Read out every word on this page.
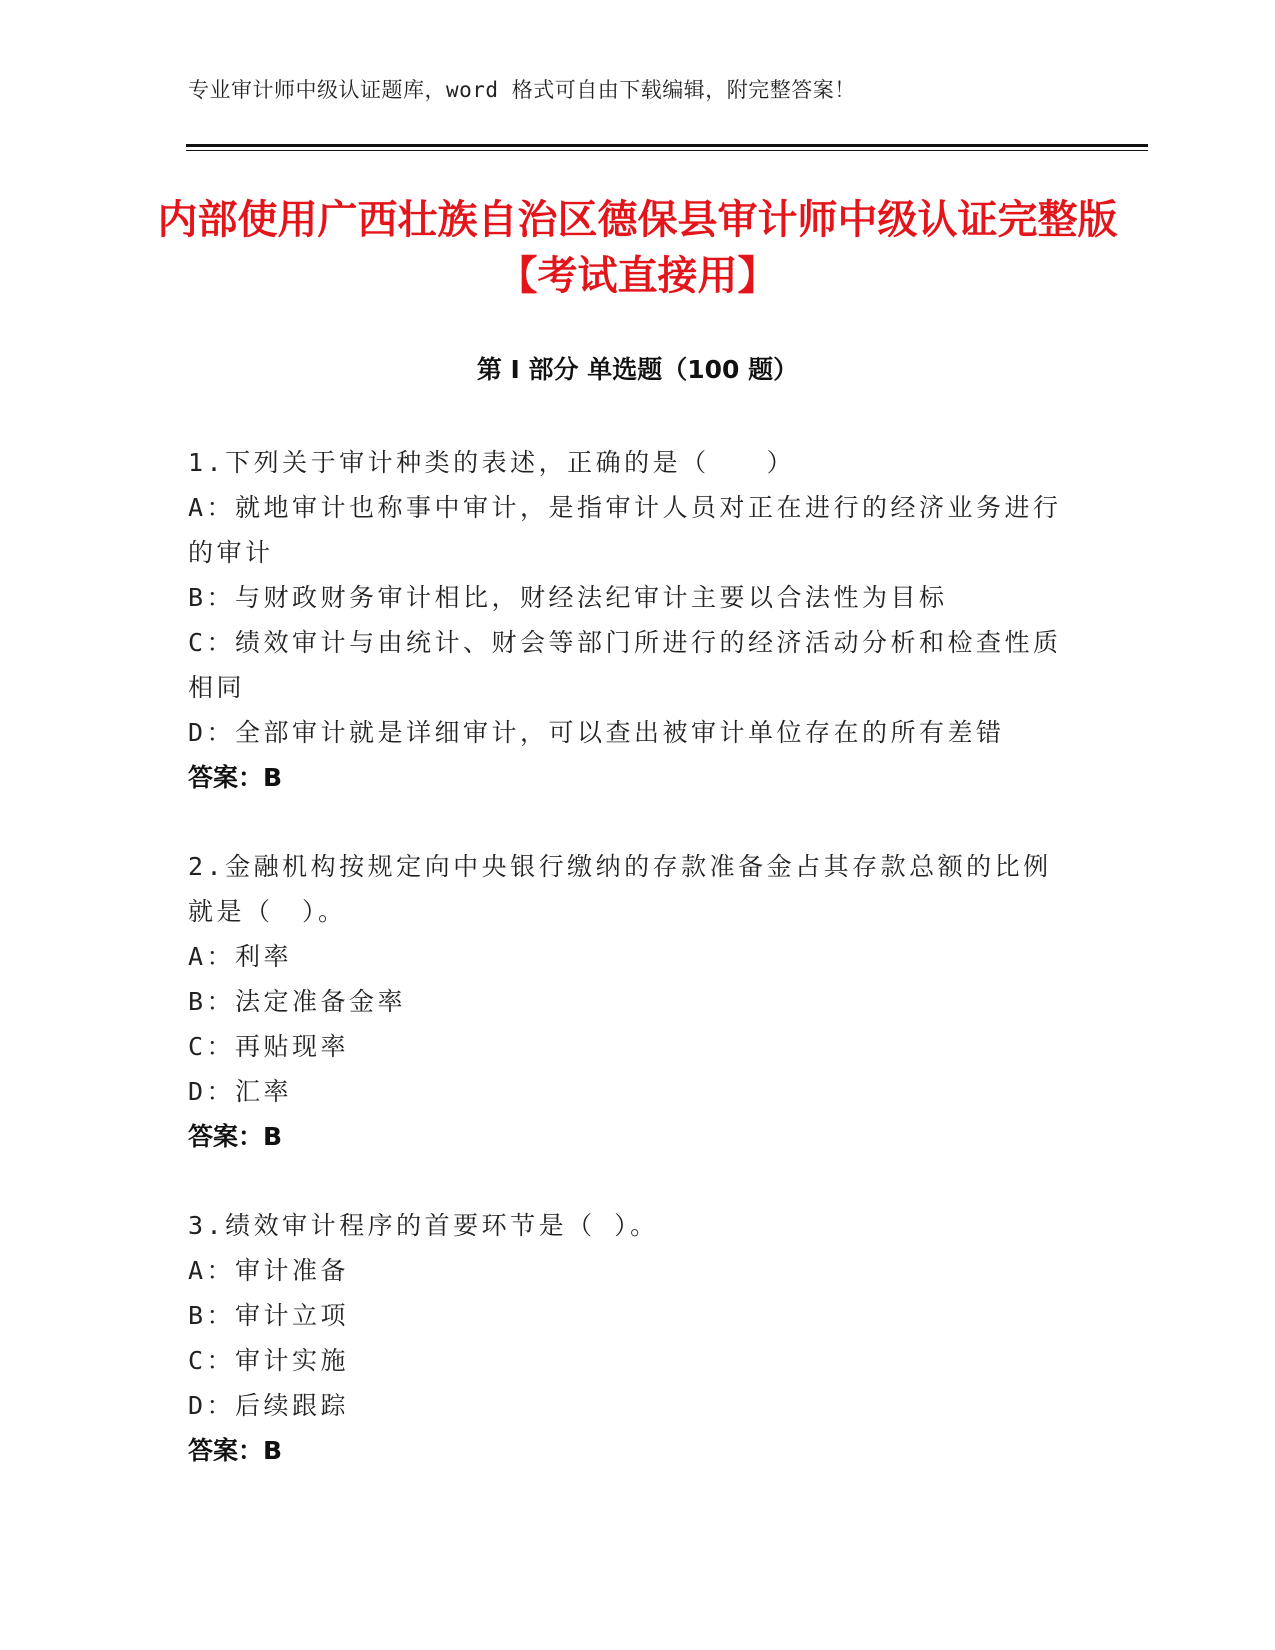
专业审计师中级认证题库，word 格式可自由下载编辑，附完整答案！
内部使用广西壮族自治区德保县审计师中级认证完整版【考试直接用】
第 I 部分 单选题（100 题）
1.下列关于审计种类的表述，正确的是（　　）
A：就地审计也称事中审计，是指审计人员对正在进行的经济业务进行的审计
B：与财政财务审计相比，财经法纪审计主要以合法性为目标
C：绩效审计与由统计、财会等部门所进行的经济活动分析和检查性质相同
D：全部审计就是详细审计，可以查出被审计单位存在的所有差错
答案：B
2.金融机构按规定向中央银行缴纳的存款准备金占其存款总额的比例就是（　）。
A：利率
B：法定准备金率
C：再贴现率
D：汇率
答案：B
3.绩效审计程序的首要环节是（ ）。
A：审计准备
B：审计立项
C：审计实施
D：后续跟踪
答案：B
